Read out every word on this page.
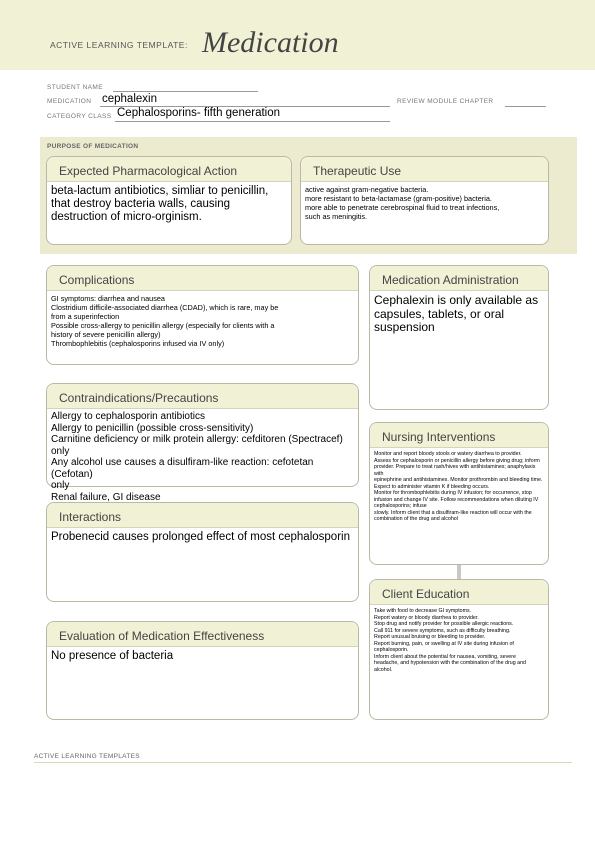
ACTIVE LEARNING TEMPLATE: Medication
STUDENT NAME
MEDICATION cephalexin	REVIEW MODULE CHAPTER
CATEGORY CLASS Cephalosporins- fifth generation
PURPOSE OF MEDICATION
Expected Pharmacological Action
beta-lactum antibiotics, simliar to penicillin,
that destroy bacteria walls, causing
destruction of micro-orginism.
Therapeutic Use
active against gram-negative bacteria.
more resistant to beta-lactamase (gram-positive) bacteria.
more able to penetrate cerebrospinal fluid to treat infections,
such as meningitis.
Complications
GI symptoms: diarrhea and nausea
Clostridium difficile-associated diarrhea (CDAD), which is rare, may be
from a superinfection
Possible cross-allergy to penicillin allergy (especially for clients with a
history of severe penicillin allergy)
Thrombophlebitis (cephalosporins infused via IV only)
Medication Administration
Cephalexin is only available as
capsules, tablets, or oral
suspension
Contraindications/Precautions
Allergy to cephalosporin antibiotics
Allergy to penicillin (possible cross-sensitivity)
Carnitine deficiency or milk protein allergy: cefditoren (Spectracef) only
Any alcohol use causes a disulfiram-like reaction: cefotetan (Cefotan)
only
Renal failure, GI disease
Nursing Interventions
Monitor and report bloody stools or watery diarrhea to provider.
Assess for cephalosporin or penicillin allergy before giving drug; inform
provider. Prepare to treat rash/hives with antihistamines; anaphylaxis with
epinephrine and antihistamines. Monitor prothrombin and bleeding time.
Expect to administer vitamin K if bleeding occurs.
Monitor for thrombophlebitis during IV infusion; for occurrence, stop
infusion and change IV site. Follow recommendations when diluting IV cephalosporins; infuse
slowly. Inform client that a disulfiram-like reaction will occur with the
combination of the drug and alcohol
Interactions
Probenecid causes prolonged effect of most cephalosporin
Client Education
Take with food to decrease GI symptoms.
Report watery or bloody diarrhea to provider.
Stop drug and notify provider for possible allergic reactions.
Call 911 for severe symptoms, such as difficulty breathing.
Report unusual bruising or bleeding to provider.
Report burning, pain, or swelling at IV site during infusion of
cephalosporin.
Inform client about the potential for nausea, vomiting, severe
headache, and hypotension with the combination of the drug and
alcohol.
Evaluation of Medication Effectiveness
No presence of bacteria
ACTIVE LEARNING TEMPLATES
